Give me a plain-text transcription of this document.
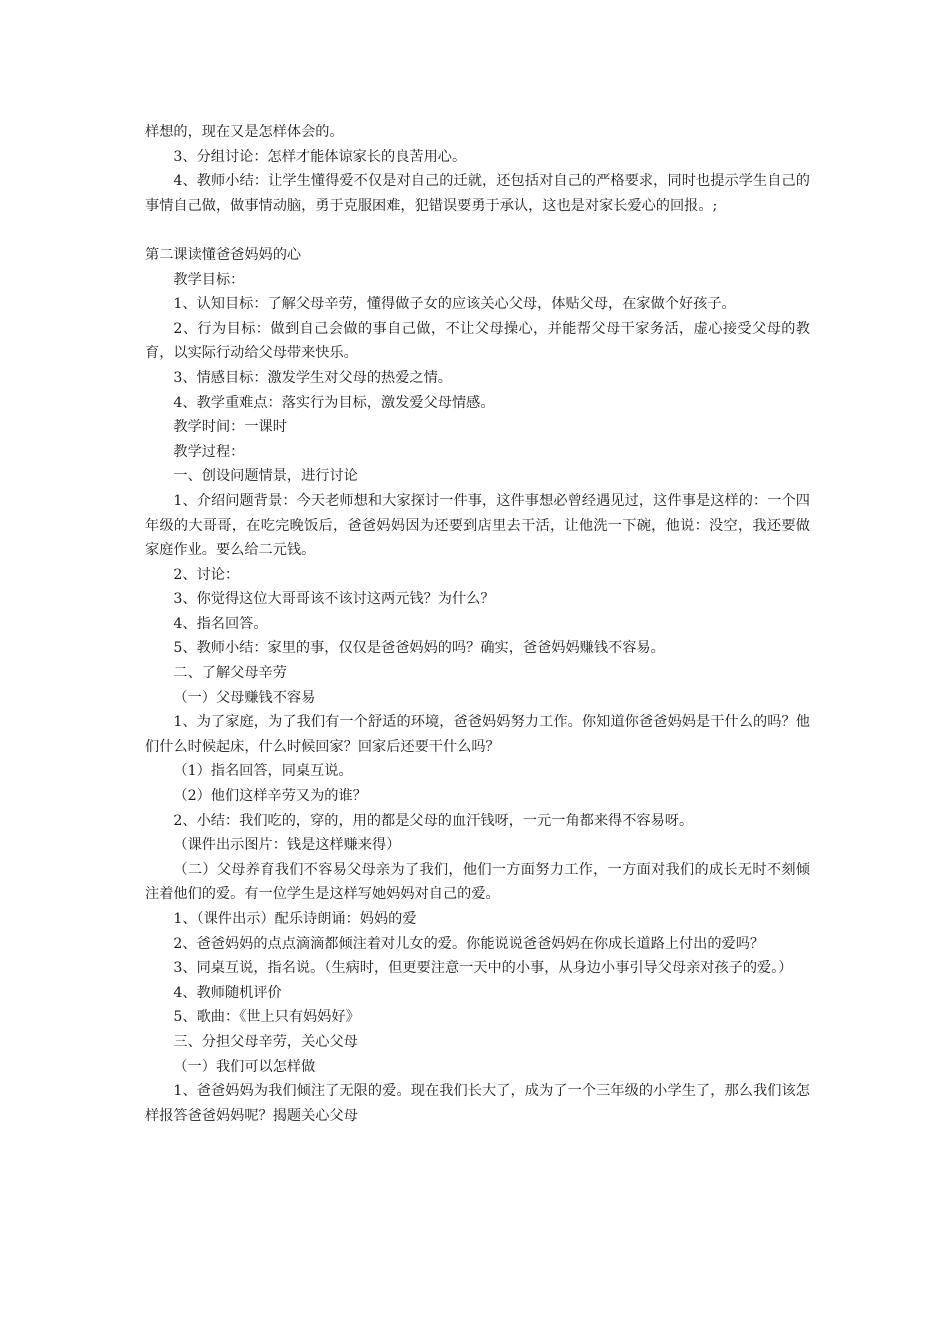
样想的，现在又是怎样体会的。

3、分组讨论：怎样才能体谅家长的良苦用心。

4、教师小结：让学生懂得爱不仅是对自己的迁就，还包括对自己的严格要求，同时也提示学生自己的事情自己做，做事情动脑，勇于克服困难，犯错误要勇于承认，这也是对家长爱心的回报。;

第二课读懂爸爸妈妈的心

教学目标：

1、认知目标：了解父母辛劳，懂得做子女的应该关心父母，体贴父母，在家做个好孩子。

2、行为目标：做到自己会做的事自己做，不让父母操心，并能帮父母干家务活，虚心接受父母的教育，以实际行动给父母带来快乐。

3、情感目标：激发学生对父母的热爱之情。

4、教学重难点：落实行为目标，激发爱父母情感。

教学时间：一课时

教学过程：

一、创设问题情景，进行讨论

1、介绍问题背景：今天老师想和大家探讨一件事，这件事想必曾经遇见过，这件事是这样的：一个四年级的大哥哥，在吃完晚饭后，爸爸妈妈因为还要到店里去干活，让他洗一下碗，他说：没空，我还要做家庭作业。要么给二元钱。

2、讨论：

3、你觉得这位大哥哥该不该讨这两元钱？为什么？

4、指名回答。

5、教师小结：家里的事，仅仅是爸爸妈妈的吗？确实，爸爸妈妈赚钱不容易。

二、了解父母辛劳

（一）父母赚钱不容易

1、为了家庭，为了我们有一个舒适的环境，爸爸妈妈努力工作。你知道你爸爸妈妈是干什么的吗？他们什么时候起床，什么时候回家？回家后还要干什么吗？

（1）指名回答，同桌互说。

（2）他们这样辛劳又为的谁？

2、小结：我们吃的，穿的，用的都是父母的血汗钱呀，一元一角都来得不容易呀。

（课件出示图片：钱是这样赚来得）

（二）父母养育我们不容易父母亲为了我们，他们一方面努力工作，一方面对我们的成长无时不刻倾注着他们的爱。有一位学生是这样写她妈妈对自己的爱。

1、（课件出示）配乐诗朗诵：妈妈的爱

2、爸爸妈妈的点点滴滴都倾注着对儿女的爱。你能说说爸爸妈妈在你成长道路上付出的爱吗？

3、同桌互说，指名说。（生病时，但更要注意一天中的小事，从身边小事引导父母亲对孩子的爱。）

4、教师随机评价

5、歌曲：《世上只有妈妈好》

三、分担父母辛劳，关心父母

（一）我们可以怎样做

1、爸爸妈妈为我们倾注了无限的爱。现在我们长大了，成为了一个三年级的小学生了，那么我们该怎样报答爸爸妈妈呢？揭题关心父母
